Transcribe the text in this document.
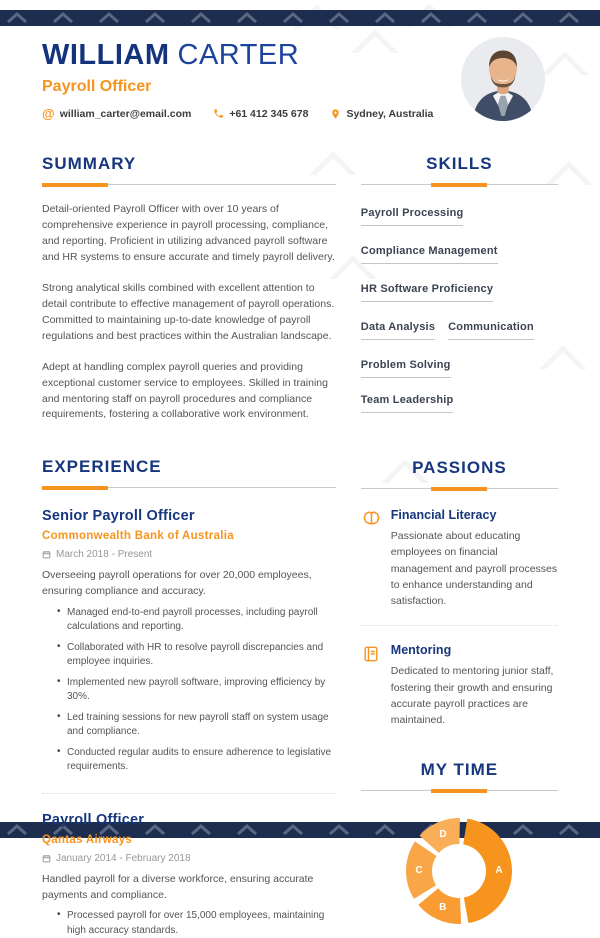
WILLIAM CARTER
Payroll Officer
@ william_carter@email.com	+61 412 345 678	Sydney, Australia
SUMMARY

Detail-oriented Payroll Officer with over 10 years of comprehensive experience in payroll processing, compliance, and reporting. Proficient in utilizing advanced payroll software and HR systems to ensure accurate and timely payroll delivery.

Strong analytical skills combined with excellent attention to detail contribute to effective management of payroll operations. Committed to maintaining up-to-date knowledge of payroll regulations and best practices within the Australian landscape.

Adept at handling complex payroll queries and providing exceptional customer service to employees. Skilled in training and mentoring staff on payroll procedures and compliance requirements, fostering a collaborative work environment.

EXPERIENCE
Senior Payroll Officer
Commonwealth Bank of Australia
March 2018 - Present
Overseeing payroll operations for over 20,000 employees, ensuring compliance and accuracy.
• Managed end-to-end payroll processes, including payroll calculations and reporting.
• Collaborated with HR to resolve payroll discrepancies and employee inquiries.
• Implemented new payroll software, improving efficiency by 30%.
• Led training sessions for new payroll staff on system usage and compliance.
• Conducted regular audits to ensure adherence to legislative requirements.
Payroll Officer
Qantas Airways
January 2014 - February 2018
Handled payroll for a diverse workforce, ensuring accurate payments and compliance.
• Processed payroll for over 15,000 employees, maintaining high accuracy standards.
SKILLS
Payroll Processing
Compliance Management
HR Software Proficiency
Data Analysis Communication
Problem SolvingTeam Leadership
PASSIONS
Financial Literacy
Passionate about educating employees on financial management and payroll processes to enhance understanding and satisfaction.
Mentoring
Dedicated to mentoring junior staff, fostering their growth and ensuring accurate payroll practices are maintained.
MY TIME
A
B
C
D
